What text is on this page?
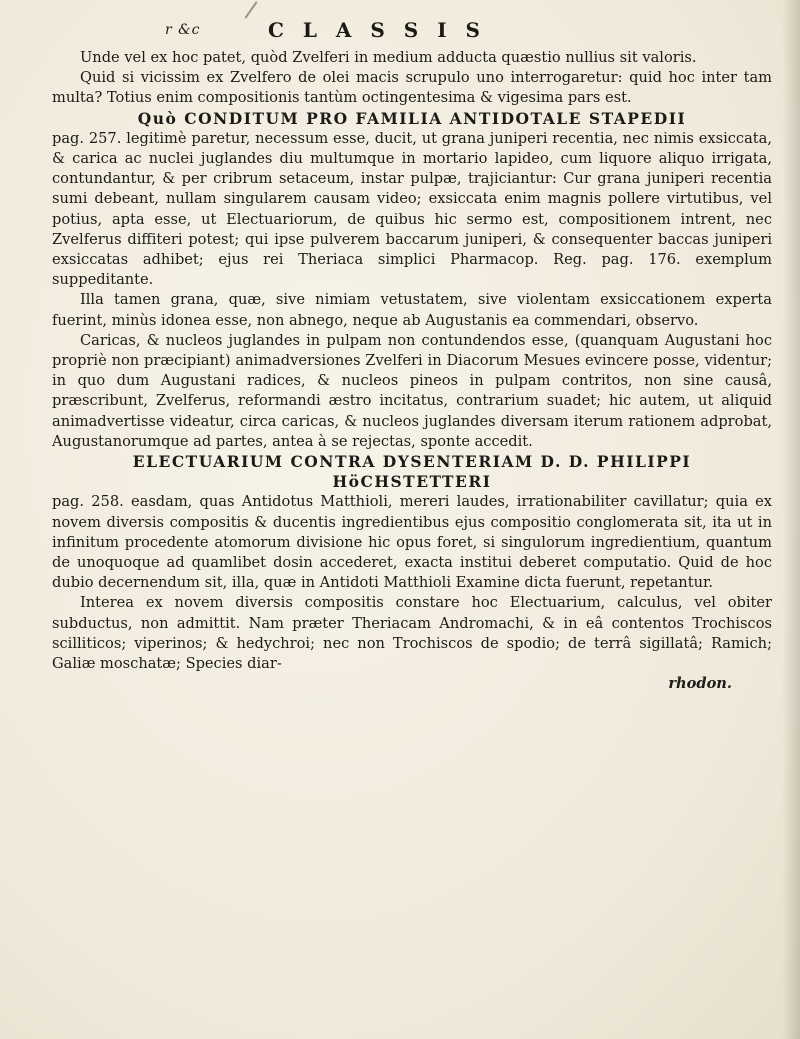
r &c	C L A S S I S

Unde vel ex hoc patet, quòd Zvelferi in medium adducta quæstio nullius sit valoris.

Quid si vicissim ex Zvelfero de olei macis scrupulo uno interrogaretur: quid hoc inter tam multa? Totius enim compositionis tantùm octingentesima & vigesima pars est.

Quò CONDITUM PRO FAMILIA ANTIDOTALE STAPEDII

pag. 257. legitimè paretur, necessum esse, ducit, ut grana juniperi recentia, nec nimis exsiccata, & carica ac nuclei juglandes diu multumque in mortario lapideo, cum liquore aliquo irrigata, contundantur, & per cribrum setaceum, instar pulpæ, trajiciantur: Cur grana juniperi recentia sumi debeant, nullam singularem causam video; exsiccata enim magnis pollere virtutibus, vel potius, apta esse, ut Electuariorum, de quibus hic sermo est, compositionem intrent, nec Zvelferus diffiteri potest; qui ipse pulverem baccarum juniperi, & consequenter baccas juniperi exsiccatas adhibet; ejus rei Theriaca simplici Pharmacop. Reg. pag. 176. exemplum suppeditante.

Illa tamen grana, quæ, sive nimiam vetustatem, sive violentam exsiccationem experta fuerint, minùs idonea esse, non abnego, neque ab Augustanis ea commendari, observo.

Caricas, & nucleos juglandes in pulpam non contundendos esse, (quanquam Augustani hoc propriè non præcipiant) animadversiones Zvelferi in Diacorum Mesues evincere posse, videntur; in quo dum Augustani radices, & nucleos pineos in pulpam contritos, non sine causâ, præscribunt, Zvelferus, reformandi æstro incitatus, contrarium suadet; hic autem, ut aliquid animadvertisse videatur, circa caricas, & nucleos juglandes diversam iterum rationem adprobat, Augustanorumque ad partes, antea à se rejectas, sponte accedit.

ELECTUARIUM CONTRA DYSENTERIAM D. D. PHILIPPI HöCHSTETTERI

pag. 258. easdam, quas Antidotus Matthioli, mereri laudes, irrationabiliter cavillatur; quia ex novem diversis compositis & ducentis ingredientibus ejus compositio conglomerata sit, ita ut in infinitum procedente atomorum divisione hic opus foret, si singulorum ingredientium, quantum de unoquoque ad quamlibet dosin accederet, exacta institui deberet computatio. Quid de hoc dubio decernendum sit, illa, quæ in Antidoti Matthioli Examine dicta fuerunt, repetantur.

Interea ex novem diversis compositis constare hoc Electuarium, calculus, vel obiter subductus, non admittit. Nam præter Theriacam Andromachi, & in eâ contentos Trochiscos scilliticos; viperinos; & hedychroi; nec non Trochiscos de spodio; de terrâ sigillatâ; Ramich; Galiæ moschatæ; Species diar-

rhodon.
